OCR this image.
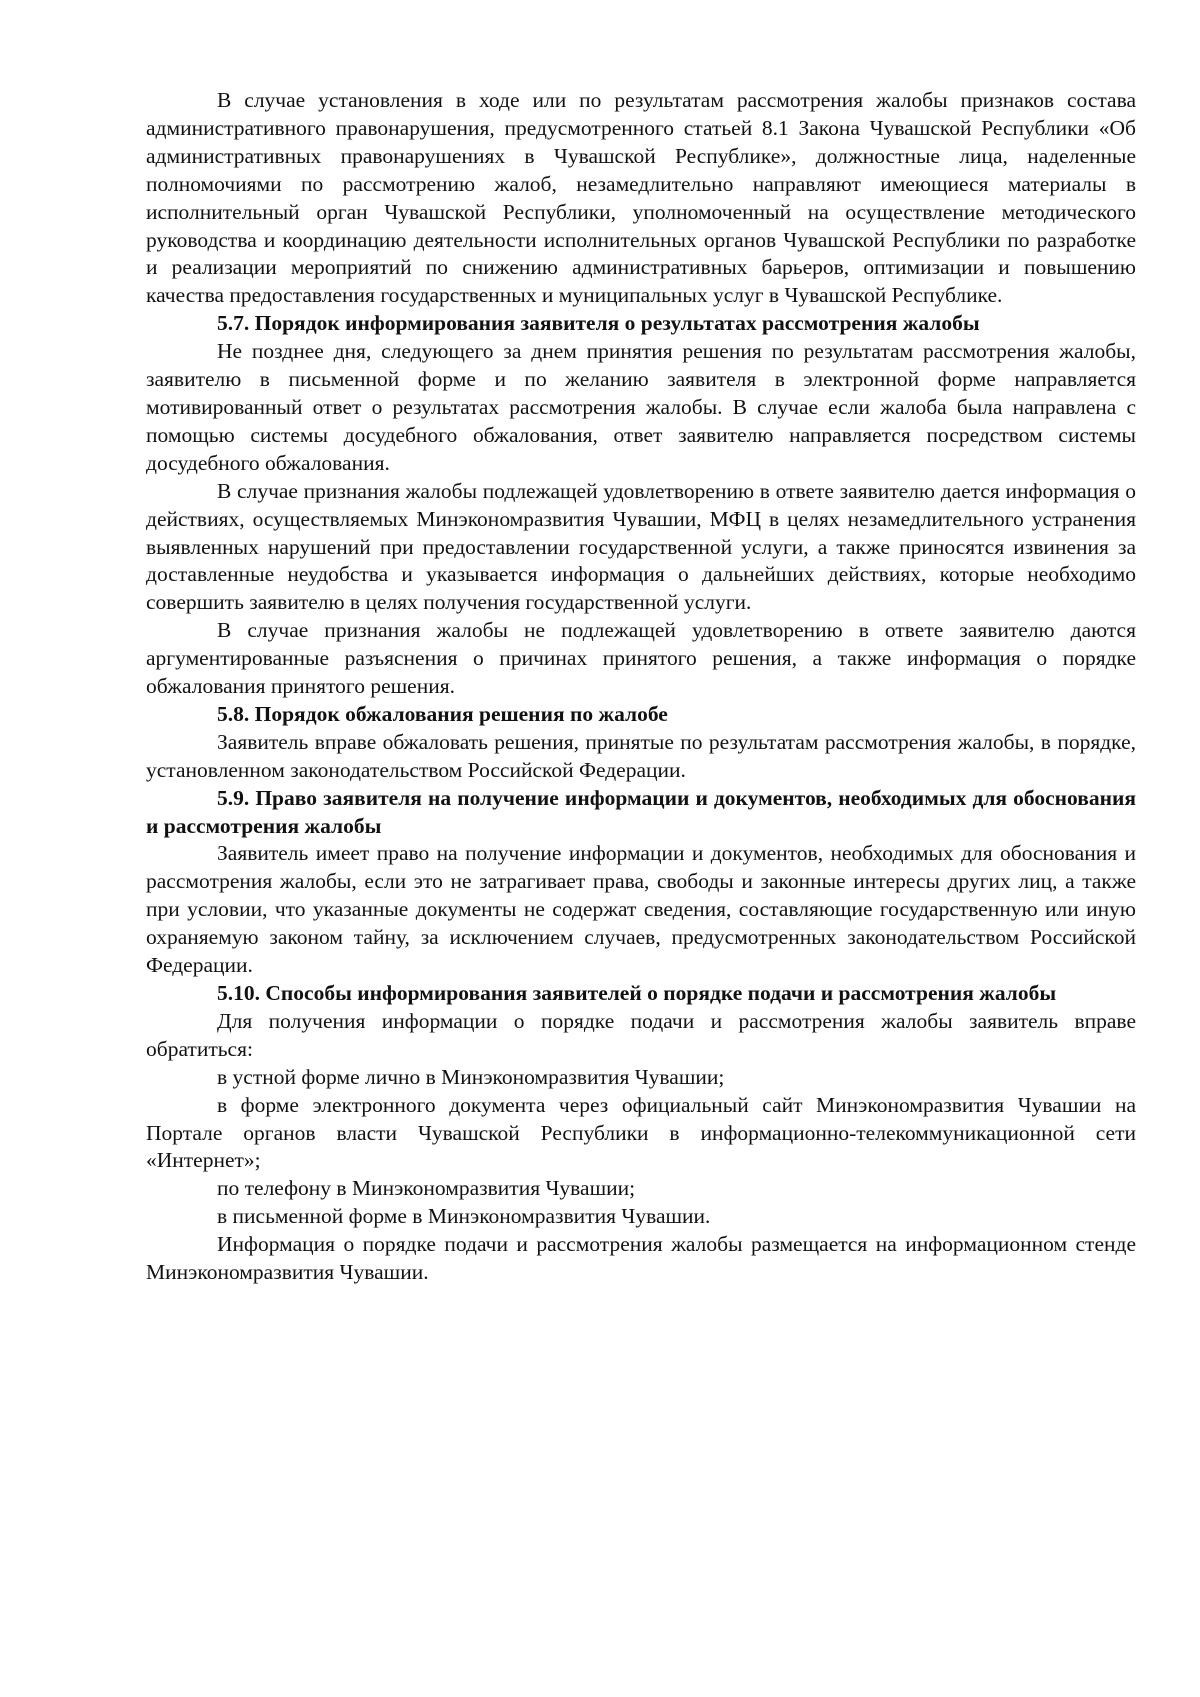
В случае установления в ходе или по результатам рассмотрения жалобы признаков состава административного правонарушения, предусмотренного статьей 8.1 Закона Чувашской Республики «Об административных правонарушениях в Чувашской Республике», должностные лица, наделенные полномочиями по рассмотрению жалоб, незамедлительно направляют имеющиеся материалы в исполнительный орган Чувашской Республики, уполномоченный на осуществление методического руководства и координацию деятельности исполнительных органов Чувашской Республики по разработке и реализации мероприятий по снижению административных барьеров, оптимизации и повышению качества предоставления государственных и муниципальных услуг в Чувашской Республике.

5.7. Порядок информирования заявителя о результатах рассмотрения жалобы

Не позднее дня, следующего за днем принятия решения по результатам рассмотрения жалобы, заявителю в письменной форме и по желанию заявителя в электронной форме направляется мотивированный ответ о результатах рассмотрения жалобы. В случае если жалоба была направлена с помощью системы досудебного обжалования, ответ заявителю направляется посредством системы досудебного обжалования.

В случае признания жалобы подлежащей удовлетворению в ответе заявителю дается информация о действиях, осуществляемых Минэкономразвития Чувашии, МФЦ в целях незамедлительного устранения выявленных нарушений при предоставлении государственной услуги, а также приносятся извинения за доставленные неудобства и указывается информация о дальнейших действиях, которые необходимо совершить заявителю в целях получения государственной услуги.

В случае признания жалобы не подлежащей удовлетворению в ответе заявителю даются аргументированные разъяснения о причинах принятого решения, а также информация о порядке обжалования принятого решения.

5.8. Порядок обжалования решения по жалобе

Заявитель вправе обжаловать решения, принятые по результатам рассмотрения жалобы, в порядке, установленном законодательством Российской Федерации.

5.9. Право заявителя на получение информации и документов, необходимых для обоснования и рассмотрения жалобы

Заявитель имеет право на получение информации и документов, необходимых для обоснования и рассмотрения жалобы, если это не затрагивает права, свободы и законные интересы других лиц, а также при условии, что указанные документы не содержат сведения, составляющие государственную или иную охраняемую законом тайну, за исключением случаев, предусмотренных законодательством Российской Федерации.

5.10. Способы информирования заявителей о порядке подачи и рассмотрения жалобы

Для получения информации о порядке подачи и рассмотрения жалобы заявитель вправе обратиться:

в устной форме лично в Минэкономразвития Чувашии;

в форме электронного документа через официальный сайт Минэкономразвития Чувашии на Портале органов власти Чувашской Республики в информационно-телекоммуникационной сети «Интернет»;

по телефону в Минэкономразвития Чувашии;

в письменной форме в Минэкономразвития Чувашии.

Информация о порядке подачи и рассмотрения жалобы размещается на информационном стенде Минэкономразвития Чувашии.
